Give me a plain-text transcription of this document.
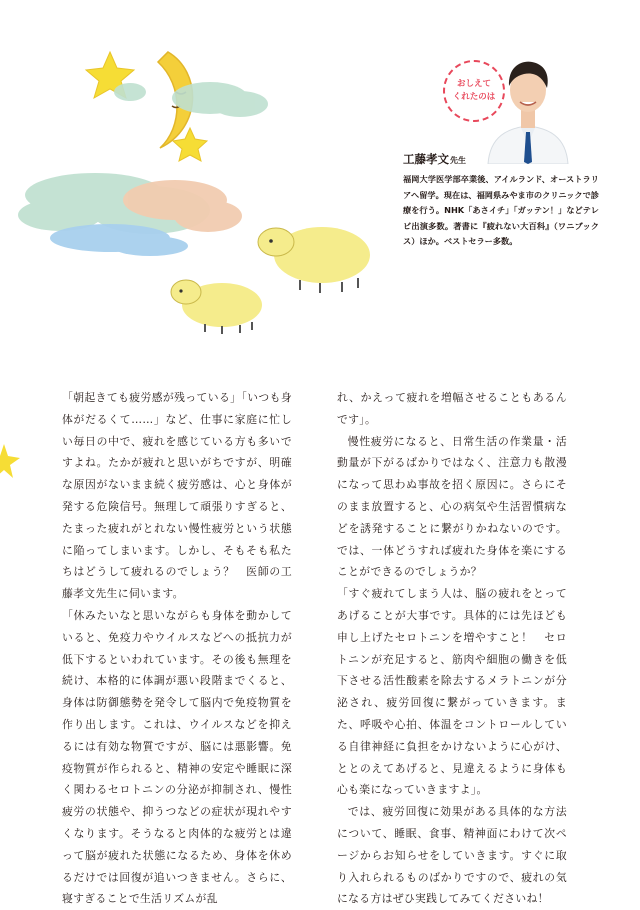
おしえて
くれたのは
工藤孝文先生
福岡大学医学部卒業後、アイルランド、オーストラリアへ留学。現在は、福岡県みやま市のクリニックで診療を行う。NHK「あさイチ」「ガッテン！」などテレビ出演多数。著書に『疲れない大百科』（ワニブックス）ほか。ベストセラー多数。

「朝起きても疲労感が残っている」「いつも身体がだるくて……」など、仕事に家庭に忙しい毎日の中で、疲れを感じている方も多いですよね。たかが疲れと思いがちですが、明確な原因がないまま続く疲労感は、心と身体が発する危険信号。無理して頑張りすぎると、たまった疲れがとれない慢性疲労という状態に陥ってしまいます。しかし、そもそも私たちはどうして疲れるのでしょう？　医師の工藤孝文先生に伺います。

「休みたいなと思いながらも身体を動かしていると、免疫力やウイルスなどへの抵抗力が低下するといわれています。その後も無理を続け、本格的に体調が悪い段階までくると、身体は防御態勢を発令して脳内で免疫物質を作り出します。これは、ウイルスなどを抑えるには有効な物質ですが、脳には悪影響。免疫物質が作られると、精神の安定や睡眠に深く関わるセロトニンの分泌が抑制され、慢性疲労の状態や、抑うつなどの症状が現れやすくなります。そうなると肉体的な疲労とは違って脳が疲れた状態になるため、身体を休めるだけでは回復が追いつきません。さらに、寝すぎることで生活リズムが乱

れ、かえって疲れを増幅させることもあるんです」。

慢性疲労になると、日常生活の作業量・活動量が下がるばかりではなく、注意力も散漫になって思わぬ事故を招く原因に。さらにそのまま放置すると、心の病気や生活習慣病などを誘発することに繋がりかねないのです。では、一体どうすれば疲れた身体を楽にすることができるのでしょうか？

「すぐ疲れてしまう人は、脳の疲れをとってあげることが大事です。具体的には先ほども申し上げたセロトニンを増やすこと！　セロトニンが充足すると、筋肉や細胞の働きを低下させる活性酸素を除去するメラトニンが分泌され、疲労回復に繋がっていきます。また、呼吸や心拍、体温をコントロールしている自律神経に負担をかけないように心がけ、ととのえてあげると、見違えるように身体も心も楽になっていきますよ」。

では、疲労回復に効果がある具体的な方法について、睡眠、食事、精神面にわけて次ページからお知らせをしていきます。すぐに取り入れられるものばかりですので、疲れの気になる方はぜひ実践してみてくださいね！
